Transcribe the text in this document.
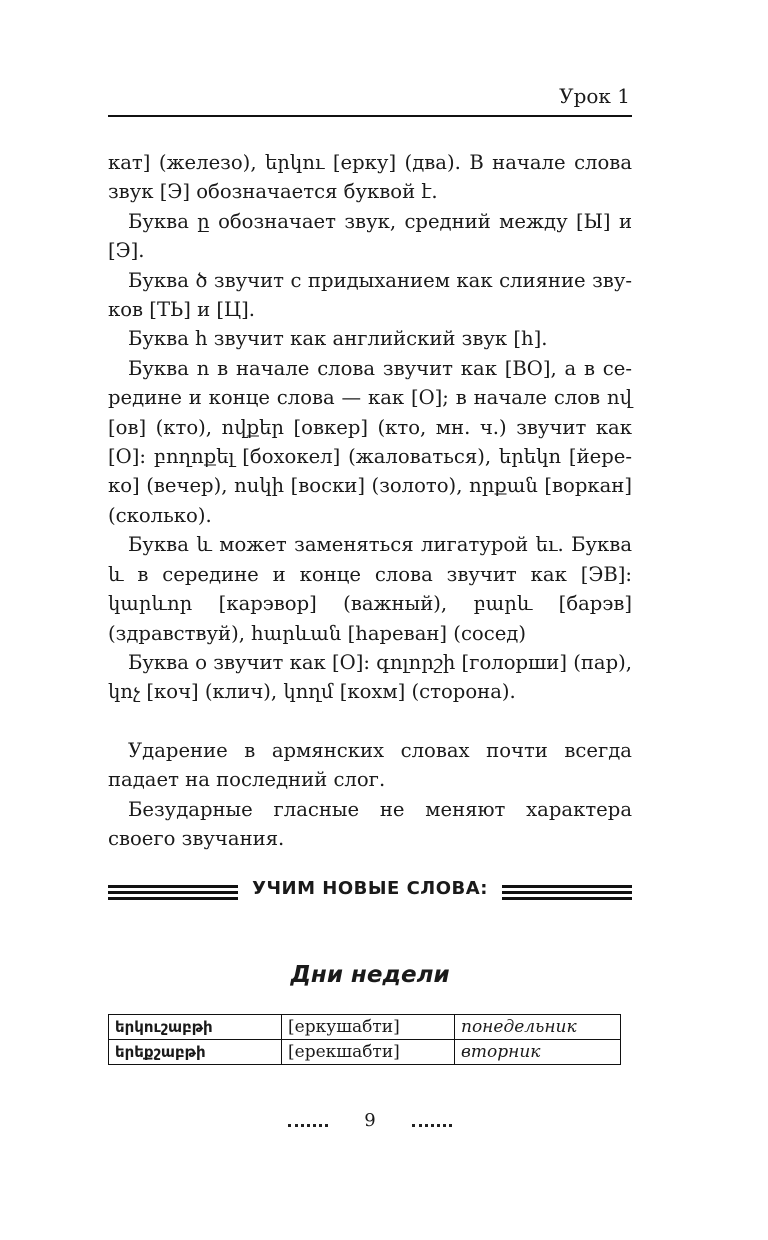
Урок 1

кат] (железо), երկու [ерку] (два). В начале слова звук [Э] обозначается буквой է.

Буква ը обозначает звук, средний между [Ы] и [Э].

Буква ծ звучит с придыханием как слияние звуков [ТЬ] и [Ц].

Буква հ звучит как английский звук [h].

Буква ո в начале слова звучит как [ВО], а в середине и конце слова — как [О]; в начале слов ով [ов] (кто), ովքեր [овкер] (кто, мн. ч.) звучит как [О]: բողոքել [бохокел] (жаловаться), երեկո [йереко] (вечер), ոսկի [воски] (золото), որքան [воркан] (сколько).

Буква և может заменяться лигатурой եւ. Буква և в середине и конце слова звучит как [ЭВ]: կարևոր [карэвор] (важный), բարև [барэв] (здравствуй), հարևան [hареван] (сосед)

Буква օ звучит как [О]: գոլորշի [голорши] (пар), կոչ [коч] (клич), կողմ [кохм] (сторона).

Ударение в армянских словах почти всегда падает на последний слог.

Безударные гласные не меняют характера своего звучания.

УЧИМ НОВЫЕ СЛОВА:
Дни недели
երկուշաբթի	[еркушабти]	понедельник
երեքշաբթի	[ерекшабти]	вторник
9
